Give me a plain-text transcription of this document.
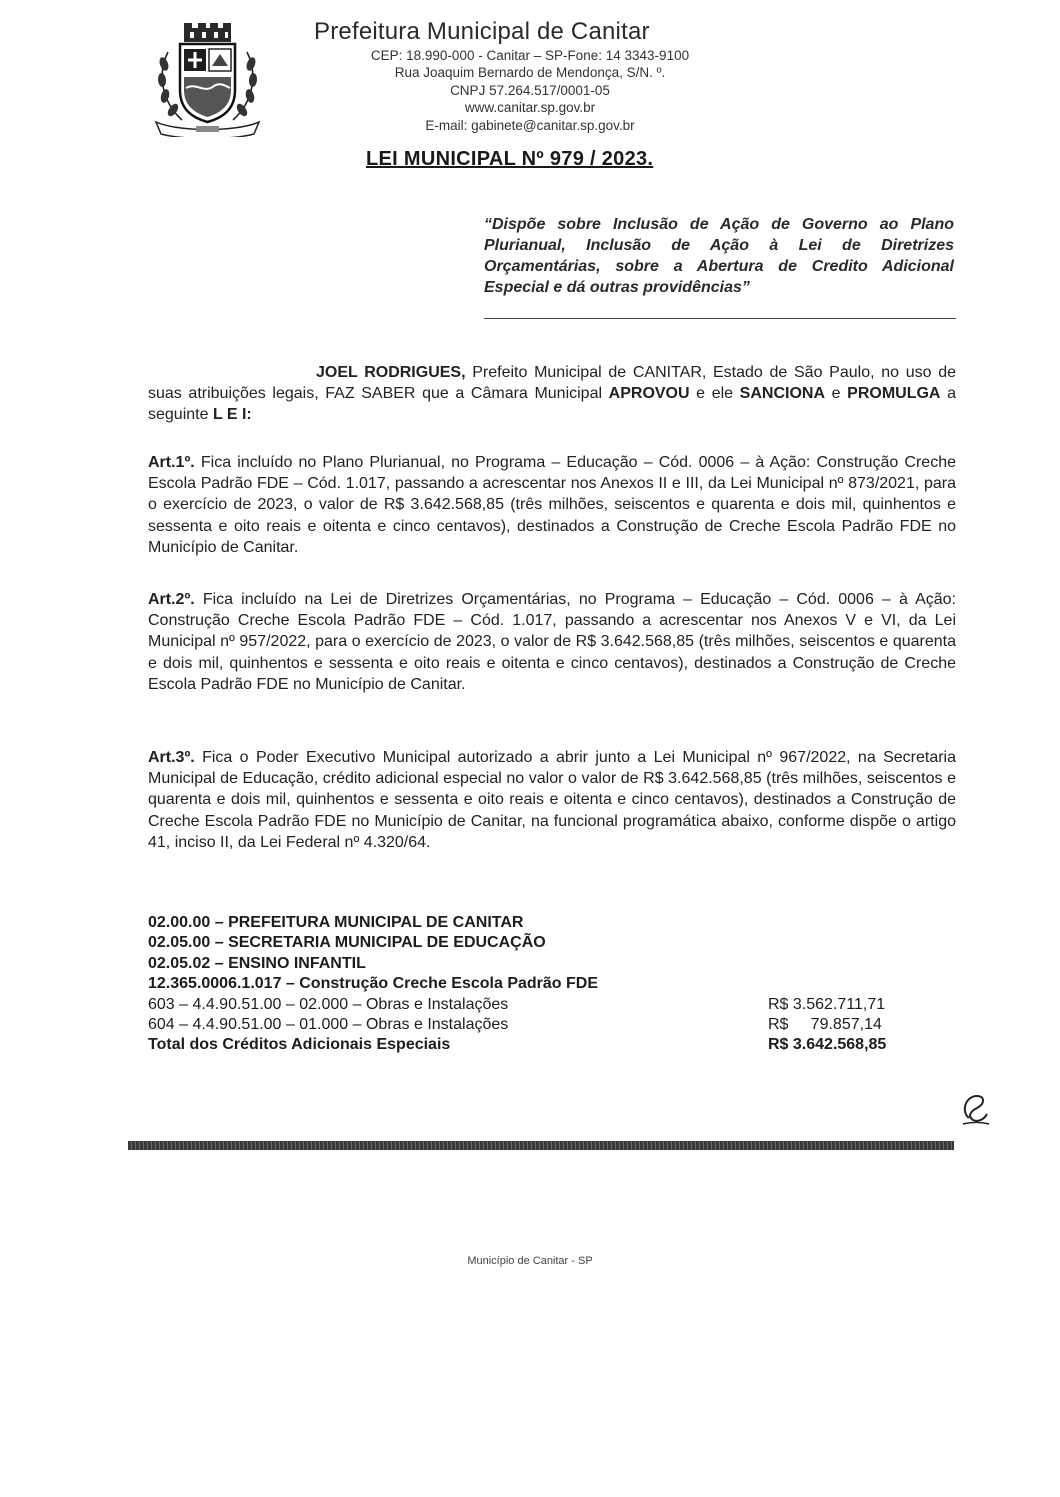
Prefeitura Municipal de Canitar
CEP: 18.990-000 - Canitar – SP-Fone: 14 3343-9100
Rua Joaquim Bernardo de Mendonça, S/N. º.
CNPJ 57.264.517/0001-05
www.canitar.sp.gov.br
E-mail: gabinete@canitar.sp.gov.br
LEI MUNICIPAL Nº 979 / 2023.
“Dispõe sobre Inclusão de Ação de Governo ao Plano Plurianual, Inclusão de Ação à Lei de Diretrizes Orçamentárias, sobre a Abertura de Credito Adicional Especial e dá outras providências”
JOEL RODRIGUES, Prefeito Municipal de CANITAR, Estado de São Paulo, no uso de suas atribuições legais, FAZ SABER que a Câmara Municipal APROVOU e ele SANCIONA e PROMULGA a seguinte L E I:
Art.1º. Fica incluído no Plano Plurianual, no Programa – Educação – Cód. 0006 – à Ação: Construção Creche Escola Padrão FDE – Cód. 1.017, passando a acrescentar nos Anexos II e III, da Lei Municipal nº 873/2021, para o exercício de 2023, o valor de R$ 3.642.568,85 (três milhões, seiscentos e quarenta e dois mil, quinhentos e sessenta e oito reais e oitenta e cinco centavos), destinados a Construção de Creche Escola Padrão FDE no Município de Canitar.
Art.2º. Fica incluído na Lei de Diretrizes Orçamentárias, no Programa – Educação – Cód. 0006 – à Ação: Construção Creche Escola Padrão FDE – Cód. 1.017, passando a acrescentar nos Anexos V e VI, da Lei Municipal nº 957/2022, para o exercício de 2023, o valor de R$ 3.642.568,85 (três milhões, seiscentos e quarenta e dois mil, quinhentos e sessenta e oito reais e oitenta e cinco centavos), destinados a Construção de Creche Escola Padrão FDE no Município de Canitar.
Art.3º. Fica o Poder Executivo Municipal autorizado a abrir junto a Lei Municipal nº 967/2022, na Secretaria Municipal de Educação, crédito adicional especial no valor o valor de R$ 3.642.568,85 (três milhões, seiscentos e quarenta e dois mil, quinhentos e sessenta e oito reais e oitenta e cinco centavos), destinados a Construção de Creche Escola Padrão FDE no Município de Canitar, na funcional programática abaixo, conforme dispõe o artigo 41, inciso II, da Lei Federal nº 4.320/64.
02.00.00 – PREFEITURA MUNICIPAL DE CANITAR
02.05.00 – SECRETARIA MUNICIPAL DE EDUCAÇÃO
02.05.02 – ENSINO INFANTIL
12.365.0006.1.017 – Construção Creche Escola Padrão FDE
603 – 4.4.90.51.00 – 02.000 – Obras e Instalações	R$ 3.562.711,71
604 – 4.4.90.51.00 – 01.000 – Obras e Instalações	R$     79.857,14
Total dos Créditos Adicionais Especiais	R$ 3.642.568,85
Município de Canitar - SP
